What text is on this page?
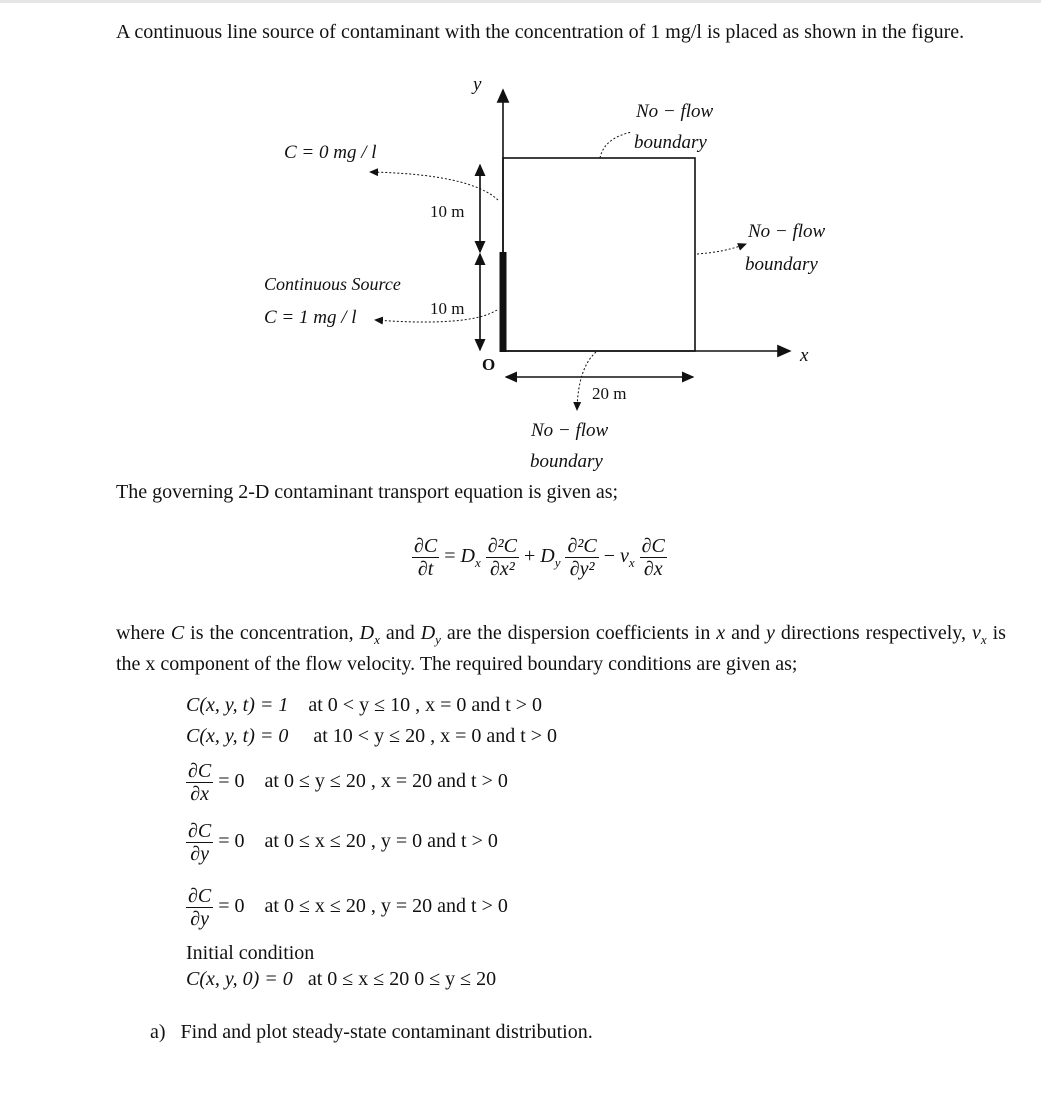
A continuous line source of contaminant with the concentration of 1 mg/l is placed as shown in the figure.
y
x
O
No − flow
boundary
No − flow
boundary
No − flow
boundary
C = 0 mg / l
Continuous Source
C = 1 mg / l
10 m
10 m
20 m
The governing 2-D contaminant transport equation is given as;
$\frac{\partial C}{\partial t} = D_x \frac{\text{∂²C}}{\text{∂x²}} + D_y \frac{\text{∂²C}}{\text{∂y²}} - v_x \frac{\partial C}{\partial x}$
where C is the concentration, $D_x$ and $D_y$ are the dispersion coefficients in x and y directions respectively, $v_x$ is the x component of the flow velocity. The required boundary conditions are given as;
C(x, y, t) = 1 at 0 < y ≤ 10 , x = 0 and t > 0
C(x, y, t) = 0 at 10 < y ≤ 20 , x = 0 and t > 0
$\frac{\partial C}{\partial x} = 0$ at 0 ≤ y ≤ 20 , x = 20 and t > 0
$\frac{\partial C}{\partial y} = 0$ at 0 ≤ x ≤ 20 , y = 0 and t > 0
$\frac{\partial C}{\partial y} = 0$ at 0 ≤ x ≤ 20 , y = 20 and t > 0
Initial condition
C(x, y, 0) = 0 at 0 ≤ x ≤ 20 0 ≤ y ≤ 20
a) Find and plot steady-state contaminant distribution.
